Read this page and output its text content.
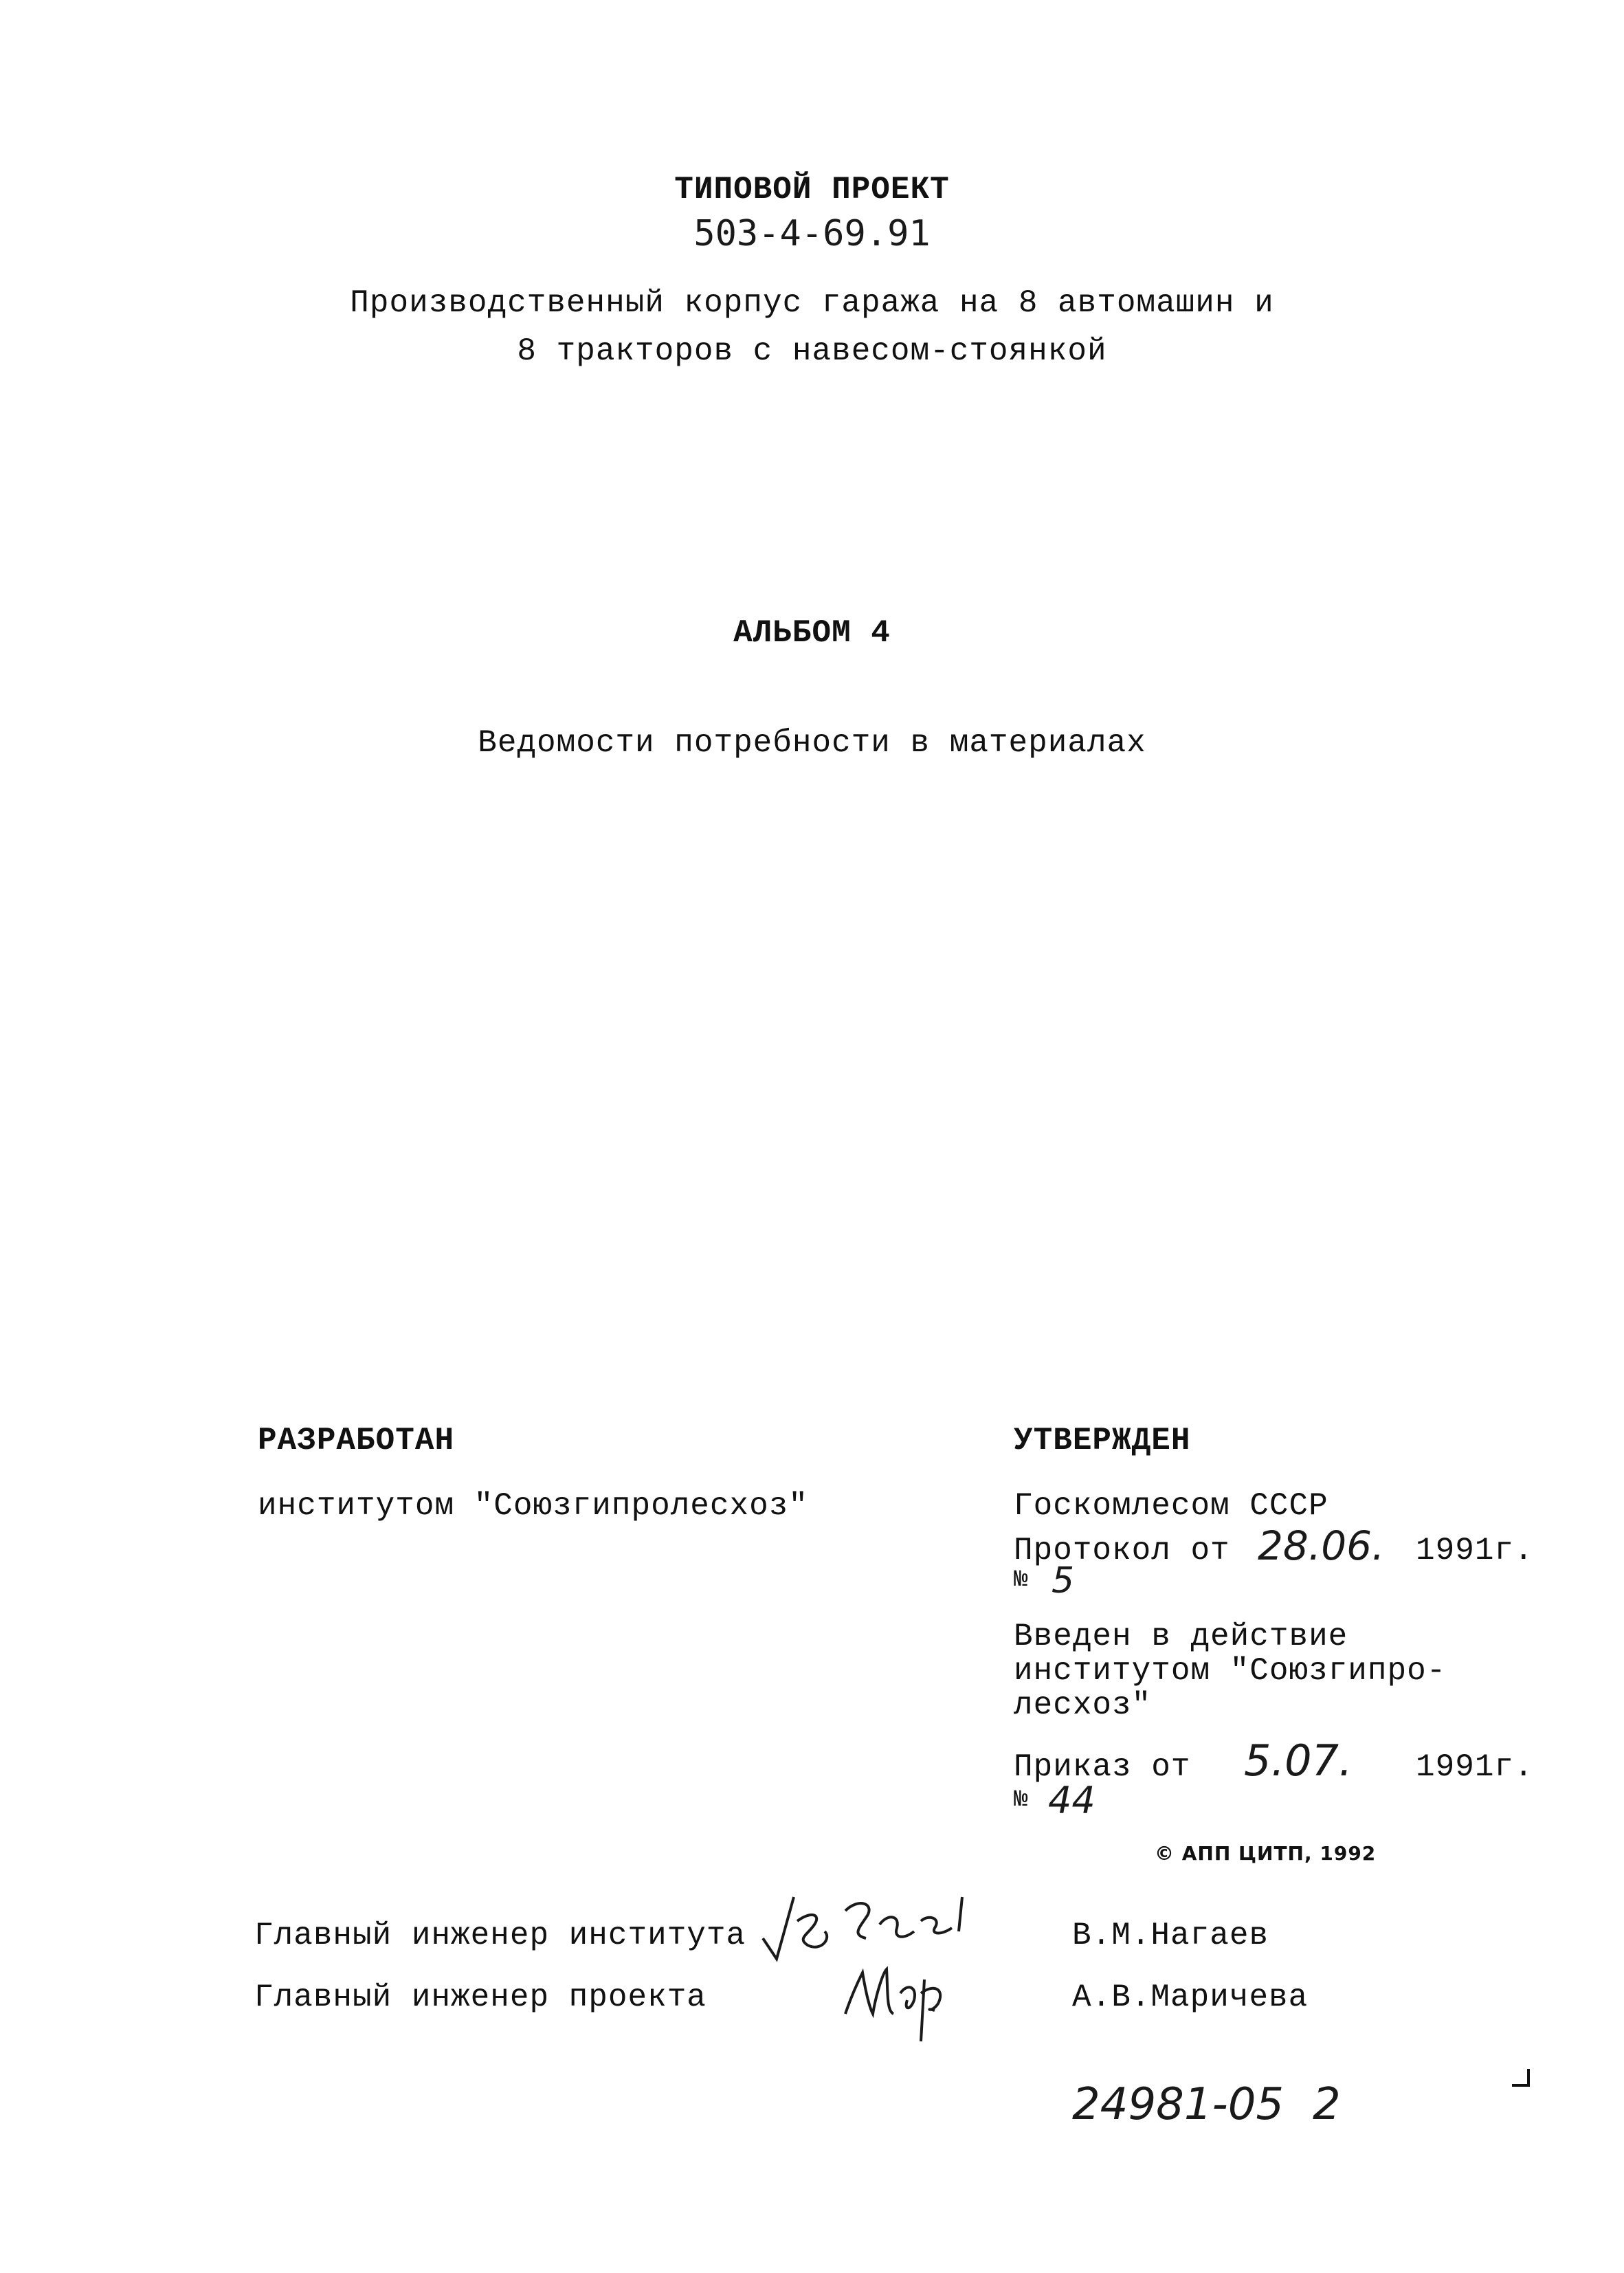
ТИПОВОЙ ПРОЕКТ
503-4-69.91
Производственный корпус гаража на 8 автомашин и
8 тракторов с навесом-стоянкой
АЛЬБОМ 4
Ведомости потребности в материалах
РАЗРАБОТАН
институтом "Союзгипролесхоз"
УТВЕРЖДЕН
Госкомлесом СССР
Протокол от 28.06. 1991г.
№ 5
Введен в действие
институтом "Союзгипро-
лесхоз"
Приказ от 5.07. 1991г.
№ 44
© АПП ЦИТП, 1992
Главный инженер института	В.М.Нагаев
Главный инженер проекта	А.В.Маричева
24981-05 2
